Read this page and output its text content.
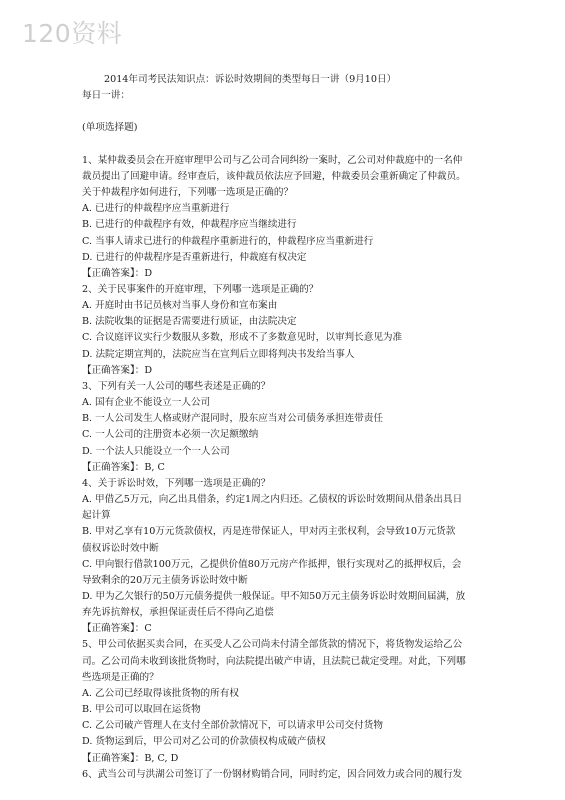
120资料
2014年司考民法知识点：诉讼时效期间的类型每日一讲（9月10日）
每日一讲：
(单项选择题)
1、某仲裁委员会在开庭审理甲公司与乙公司合同纠纷一案时，乙公司对仲裁庭中的一名仲
裁员提出了回避申请。经审查后，该仲裁员依法应予回避，仲裁委员会重新确定了仲裁员。
关于仲裁程序如何进行，下列哪一选项是正确的？
A. 已进行的仲裁程序应当重新进行
B. 已进行的仲裁程序有效，仲裁程序应当继续进行
C. 当事人请求已进行的仲裁程序重新进行的，仲裁程序应当重新进行
D. 已进行的仲裁程序是否重新进行，仲裁庭有权决定
【正确答案】：D
2、关于民事案件的开庭审理，下列哪一选项是正确的？
A. 开庭时由书记员核对当事人身份和宣布案由
B. 法院收集的证据是否需要进行质证，由法院决定
C. 合议庭评议实行少数服从多数，形成不了多数意见时，以审判长意见为准
D. 法院定期宣判的，法院应当在宣判后立即将判决书发给当事人
【正确答案】：D
3、下列有关一人公司的哪些表述是正确的？
A. 国有企业不能设立一人公司
B. 一人公司发生人格或财产混同时，股东应当对公司债务承担连带责任
C. 一人公司的注册资本必须一次足额缴纳
D. 一个法人只能设立一个一人公司
【正确答案】：B, C
4、关于诉讼时效，下列哪一选项是正确的？
A. 甲借乙5万元，向乙出具借条，约定1周之内归还。乙债权的诉讼时效期间从借条出具日
起计算
B. 甲对乙享有10万元货款债权，丙是连带保证人，甲对丙主张权利，会导致10万元货款
债权诉讼时效中断
C. 甲向银行借款100万元，乙提供价值80万元房产作抵押，银行实现对乙的抵押权后，会
导致剩余的20万元主债务诉讼时效中断
D. 甲为乙欠银行的50万元债务提供一般保证。甲不知50万元主债务诉讼时效期间届满，放
弃先诉抗辩权，承担保证责任后不得向乙追偿
【正确答案】：C
5、甲公司依据买卖合同，在买受人乙公司尚未付清全部货款的情况下，将货物发运给乙公
司。乙公司尚未收到该批货物时，向法院提出破产申请，且法院已裁定受理。对此，下列哪
些选项是正确的？
A. 乙公司已经取得该批货物的所有权
B. 甲公司可以取回在运货物
C. 乙公司破产管理人在支付全部价款情况下，可以请求甲公司交付货物
D. 货物运到后，甲公司对乙公司的价款债权构成破产债权
【正确答案】：B, C, D
6、武当公司与洪湖公司签订了一份钢材购销合同，同时约定，因合同效力或合同的履行发
